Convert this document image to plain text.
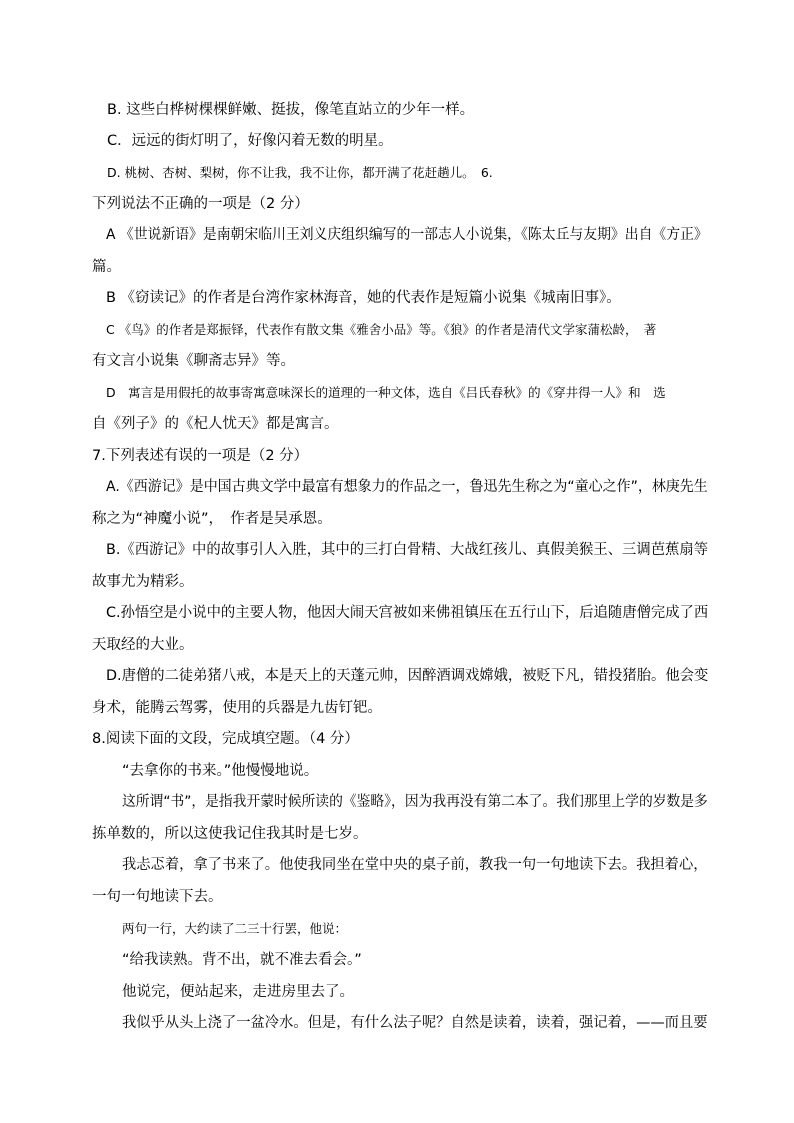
B. 这些白桦树棵棵鲜嫩、挺拔，像笔直站立的少年一样。
C．远远的街灯明了，好像闪着无数的明星。
D. 桃树、杏树、梨树，你不让我，我不让你，都开满了花赶趟儿。　6.
下列说法不正确的一项是（2 分）
A 《世说新语》是南朝宋临川王刘义庆组织编写的一部志人小说集，《陈太丘与友期》出自《方正》
篇。
B 《窃读记》的作者是台湾作家林海音，她的代表作是短篇小说集《城南旧事》。
C 《鸟》的作者是郑振铎，代表作有散文集《雅舍小品》等。《狼》的作者是清代文学家蒲松龄，　著
有文言小说集《聊斋志异》等。
D　寓言是用假托的故事寄寓意味深长的道理的一种文体，选自《吕氏春秋》的《穿井得一人》和　选
自《列子》的《杞人忧天》都是寓言。
7.下列表述有误的一项是（2 分）
A.《西游记》是中国古典文学中最富有想象力的作品之一，鲁迅先生称之为“童心之作”，林庚先生
称之为“神魔小说”，　作者是吴承恩。
B.《西游记》中的故事引人入胜，其中的三打白骨精、大战红孩儿、真假美猴王、三调芭蕉扇等
故事尤为精彩。
C.孙悟空是小说中的主要人物，他因大闹天宫被如来佛祖镇压在五行山下，后追随唐僧完成了西
天取经的大业。
D.唐僧的二徒弟猪八戒，本是天上的天蓬元帅，因醉酒调戏嫦娥，被贬下凡，错投猪胎。他会变
身术，能腾云驾雾，使用的兵器是九齿钉钯。
8.阅读下面的文段，完成填空题。（4 分）
“去拿你的书来。”他慢慢地说。
这所谓“书”，是指我开蒙时候所读的《鉴略》，因为我再没有第二本了。我们那里上学的岁数是多
拣单数的，所以这使我记住我其时是七岁。
我忐忑着，拿了书来了。他使我同坐在堂中央的桌子前，教我一句一句地读下去。我担着心，
一句一句地读下去。
两句一行，大约读了二三十行罢，他说：
“给我读熟。背不出，就不准去看会。”
他说完，便站起来，走进房里去了。
我似乎从头上浇了一盆冷水。但是，有什么法子呢？自然是读着，读着，强记着，——而且要
